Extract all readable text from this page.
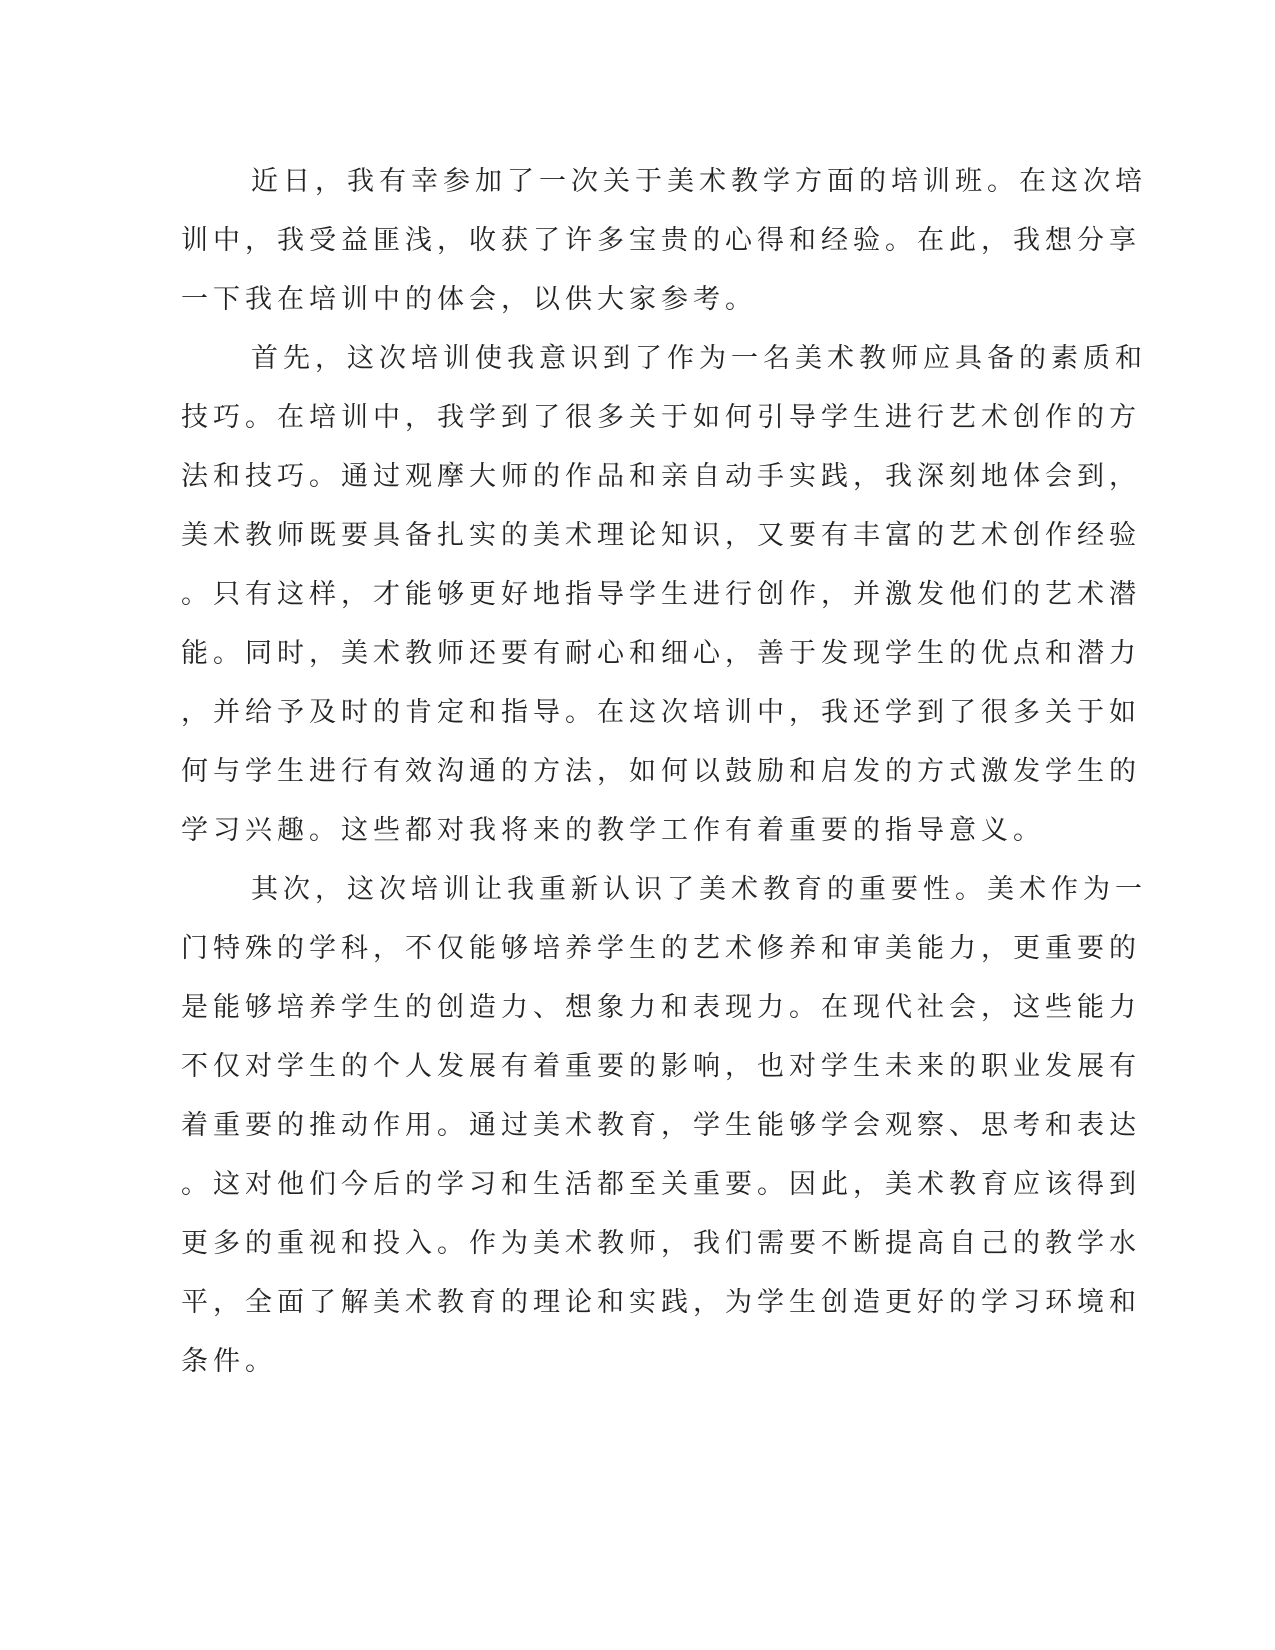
近日，我有幸参加了一次关于美术教学方面的培训班。在这次培
训中，我受益匪浅，收获了许多宝贵的心得和经验。在此，我想分享
一下我在培训中的体会，以供大家参考。
首先，这次培训使我意识到了作为一名美术教师应具备的素质和
技巧。在培训中，我学到了很多关于如何引导学生进行艺术创作的方
法和技巧。通过观摩大师的作品和亲自动手实践，我深刻地体会到，
美术教师既要具备扎实的美术理论知识，又要有丰富的艺术创作经验
。只有这样，才能够更好地指导学生进行创作，并激发他们的艺术潜
能。同时，美术教师还要有耐心和细心，善于发现学生的优点和潜力
，并给予及时的肯定和指导。在这次培训中，我还学到了很多关于如
何与学生进行有效沟通的方法，如何以鼓励和启发的方式激发学生的
学习兴趣。这些都对我将来的教学工作有着重要的指导意义。
其次，这次培训让我重新认识了美术教育的重要性。美术作为一
门特殊的学科，不仅能够培养学生的艺术修养和审美能力，更重要的
是能够培养学生的创造力、想象力和表现力。在现代社会，这些能力
不仅对学生的个人发展有着重要的影响，也对学生未来的职业发展有
着重要的推动作用。通过美术教育，学生能够学会观察、思考和表达
。这对他们今后的学习和生活都至关重要。因此，美术教育应该得到
更多的重视和投入。作为美术教师，我们需要不断提高自己的教学水
平，全面了解美术教育的理论和实践，为学生创造更好的学习环境和
条件。
